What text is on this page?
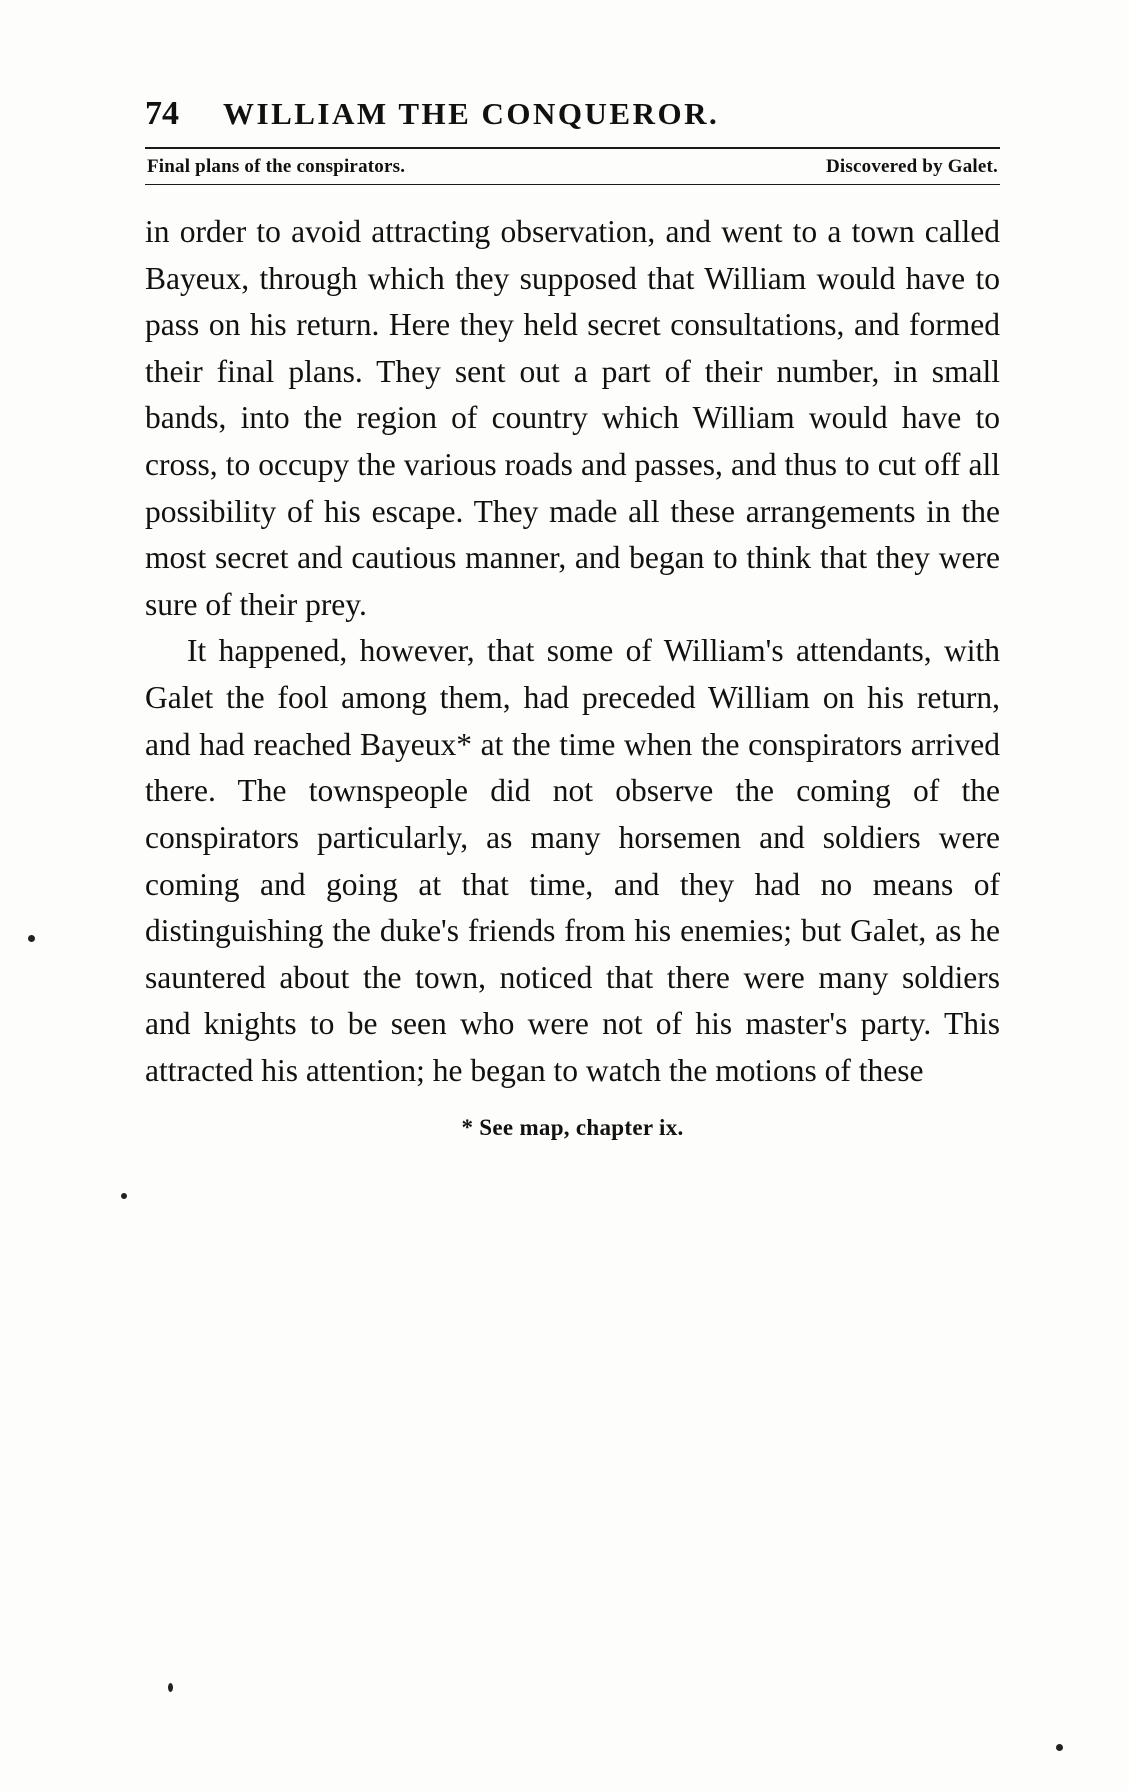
74 WILLIAM THE CONQUEROR.
Final plans of the conspirators.	Discovered by Galet.

in order to avoid attracting observation, and went to a town called Bayeux, through which they supposed that William would have to pass on his return. Here they held secret consultations, and formed their final plans. They sent out a part of their number, in small bands, into the region of country which William would have to cross, to occupy the various roads and passes, and thus to cut off all possibility of his escape. They made all these arrangements in the most secret and cautious manner, and began to think that they were sure of their prey.

It happened, however, that some of William's attendants, with Galet the fool among them, had preceded William on his return, and had reached Bayeux* at the time when the conspirators arrived there. The townspeople did not observe the coming of the conspirators particularly, as many horsemen and soldiers were coming and going at that time, and they had no means of distinguishing the duke's friends from his enemies; but Galet, as he sauntered about the town, noticed that there were many soldiers and knights to be seen who were not of his master's party. This attracted his attention; he began to watch the motions of these

* See map, chapter ix.
